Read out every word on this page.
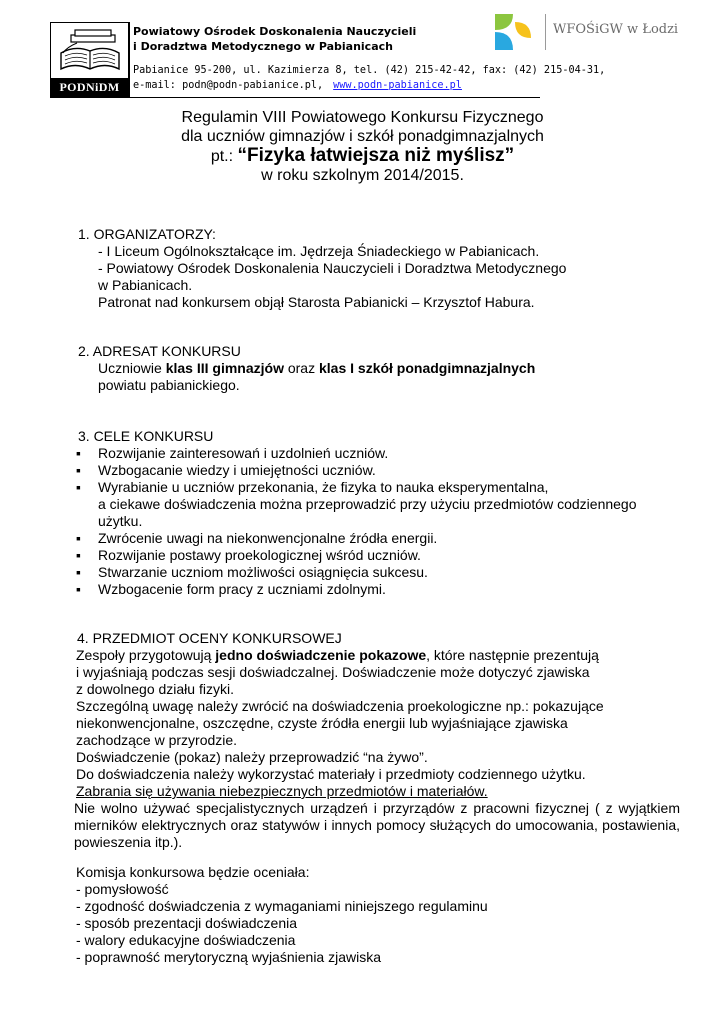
PODNiDM

Powiatowy Ośrodek Doskonalenia Nauczycieli
i Doradztwa Metodycznego w Pabianicach

Pabianice 95-200, ul. Kazimierza 8, tel. (42) 215-42-42, fax: (42) 215-04-31,
e-mail: podn@podn-pabianice.pl, www.podn-pabianice.pl
WFOŚiGW w Łodzi
Regulamin VIII Powiatowego Konkursu Fizycznego
dla uczniów gimnazjów i szkół ponadgimnazjalnych
pt.: “Fizyka łatwiejsza niż myślisz”
w roku szkolnym 2014/2015.

1. ORGANIZATORZY:

- I Liceum Ogólnokształcące im. Jędrzeja Śniadeckiego w Pabianicach.

- Powiatowy Ośrodek Doskonalenia Nauczycieli i Doradztwa Metodycznego

w Pabianicach.

Patronat nad konkursem objął Starosta Pabianicki – Krzysztof Habura.

2. ADRESAT KONKURSU

Uczniowie klas III gimnazjów oraz klas I szkół ponadgimnazjalnych

powiatu pabianickiego.

3. CELE KONKURSU

▪ Rozwijanie zainteresowań i uzdolnień uczniów.
▪ Wzbogacanie wiedzy i umiejętności uczniów.
▪ Wyrabianie u uczniów przekonania, że fizyka to nauka eksperymentalna,
a ciekawe doświadczenia można przeprowadzić przy użyciu przedmiotów codziennego
użytku.
▪ Zwrócenie uwagi na niekonwencjonalne źródła energii.
▪ Rozwijanie postawy proekologicznej wśród uczniów.
▪ Stwarzanie uczniom możliwości osiągnięcia sukcesu.
▪ Wzbogacenie form pracy z uczniami zdolnymi.

4. PRZEDMIOT OCENY KONKURSOWEJ

Zespoły przygotowują jedno doświadczenie pokazowe, które następnie prezentują

i wyjaśniają podczas sesji doświadczalnej. Doświadczenie może dotyczyć zjawiska

z dowolnego działu fizyki.

Szczególną uwagę należy zwrócić na doświadczenia proekologiczne np.: pokazujące

niekonwencjonalne, oszczędne, czyste źródła energii lub wyjaśniające zjawiska

zachodzące w przyrodzie.

Doświadczenie (pokaz) należy przeprowadzić “na żywo”.

Do doświadczenia należy wykorzystać materiały i przedmioty codziennego użytku.

Zabrania się używania niebezpiecznych przedmiotów i materiałów.

Nie wolno używać specjalistycznych urządzeń i przyrządów z pracowni fizycznej ( z wyjątkiem mierników elektrycznych oraz statywów i innych pomocy służących do umocowania, postawienia, powieszenia itp.).

Komisja konkursowa będzie oceniała:

- pomysłowość

- zgodność doświadczenia z wymaganiami niniejszego regulaminu

- sposób prezentacji doświadczenia

- walory edukacyjne doświadczenia

- poprawność merytoryczną wyjaśnienia zjawiska
